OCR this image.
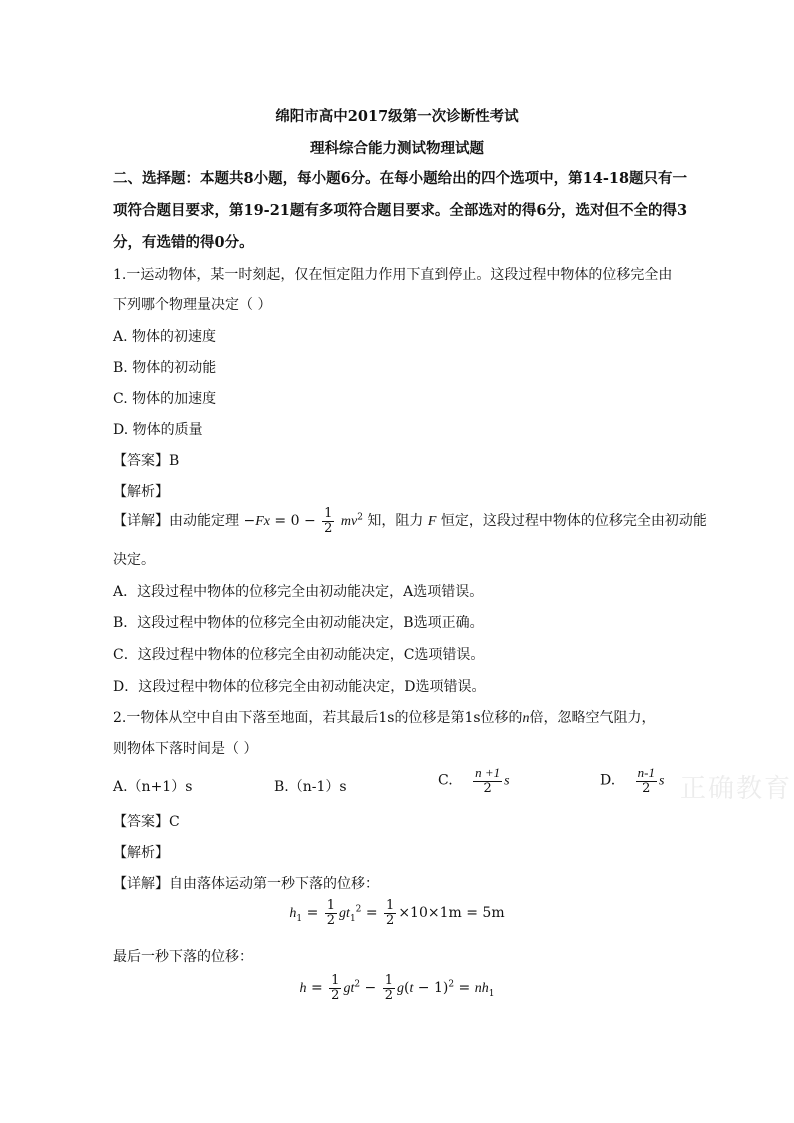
绵阳市高中2017级第一次诊断性考试
理科综合能力测试物理试题
二、选择题：本题共8小题，每小题6分。在每小题给出的四个选项中，第14-18题只有一
项符合题目要求，第19-21题有多项符合题目要求。全部选对的得6分，选对但不全的得3
分，有选错的得0分。
1.一运动物体，某一时刻起，仅在恒定阻力作用下直到停止。这段过程中物体的位移完全由
下列哪个物理量决定（ ）
A. 物体的初速度
B. 物体的初动能
C. 物体的加速度
D. 物体的质量
【答案】B
【解析】
【详解】由动能定理 $-Fx = 0 - \frac{1}{2} mv^2$ 知，阻力 F 恒定，这段过程中物体的位移完全由初动能
决定。
A．这段过程中物体的位移完全由初动能决定，A选项错误。
B．这段过程中物体的位移完全由初动能决定，B选项正确。
C．这段过程中物体的位移完全由初动能决定，C选项错误。
D．这段过程中物体的位移完全由初动能决定，D选项错误。
2.一物体从空中自由下落至地面，若其最后1s的位移是第1s位移的n倍，忽略空气阻力，
则物体下落时间是（ ）
A.（n+1）s	B.（n-1）s	C. $\frac{n +1}{2}$ s	D. $\frac{n-1}{2}$ s 正确教育
【答案】C
【解析】
【详解】自由落体运动第一秒下落的位移：
$h_1 = \frac{1}{2} gt_1^2 = \frac{1}{2} \times 10\times 1m = 5m$
最后一秒下落的位移：
$h = \frac{1}{2} gt^2 - \frac{1}{2} g(t - 1)^2 = nh_1$
